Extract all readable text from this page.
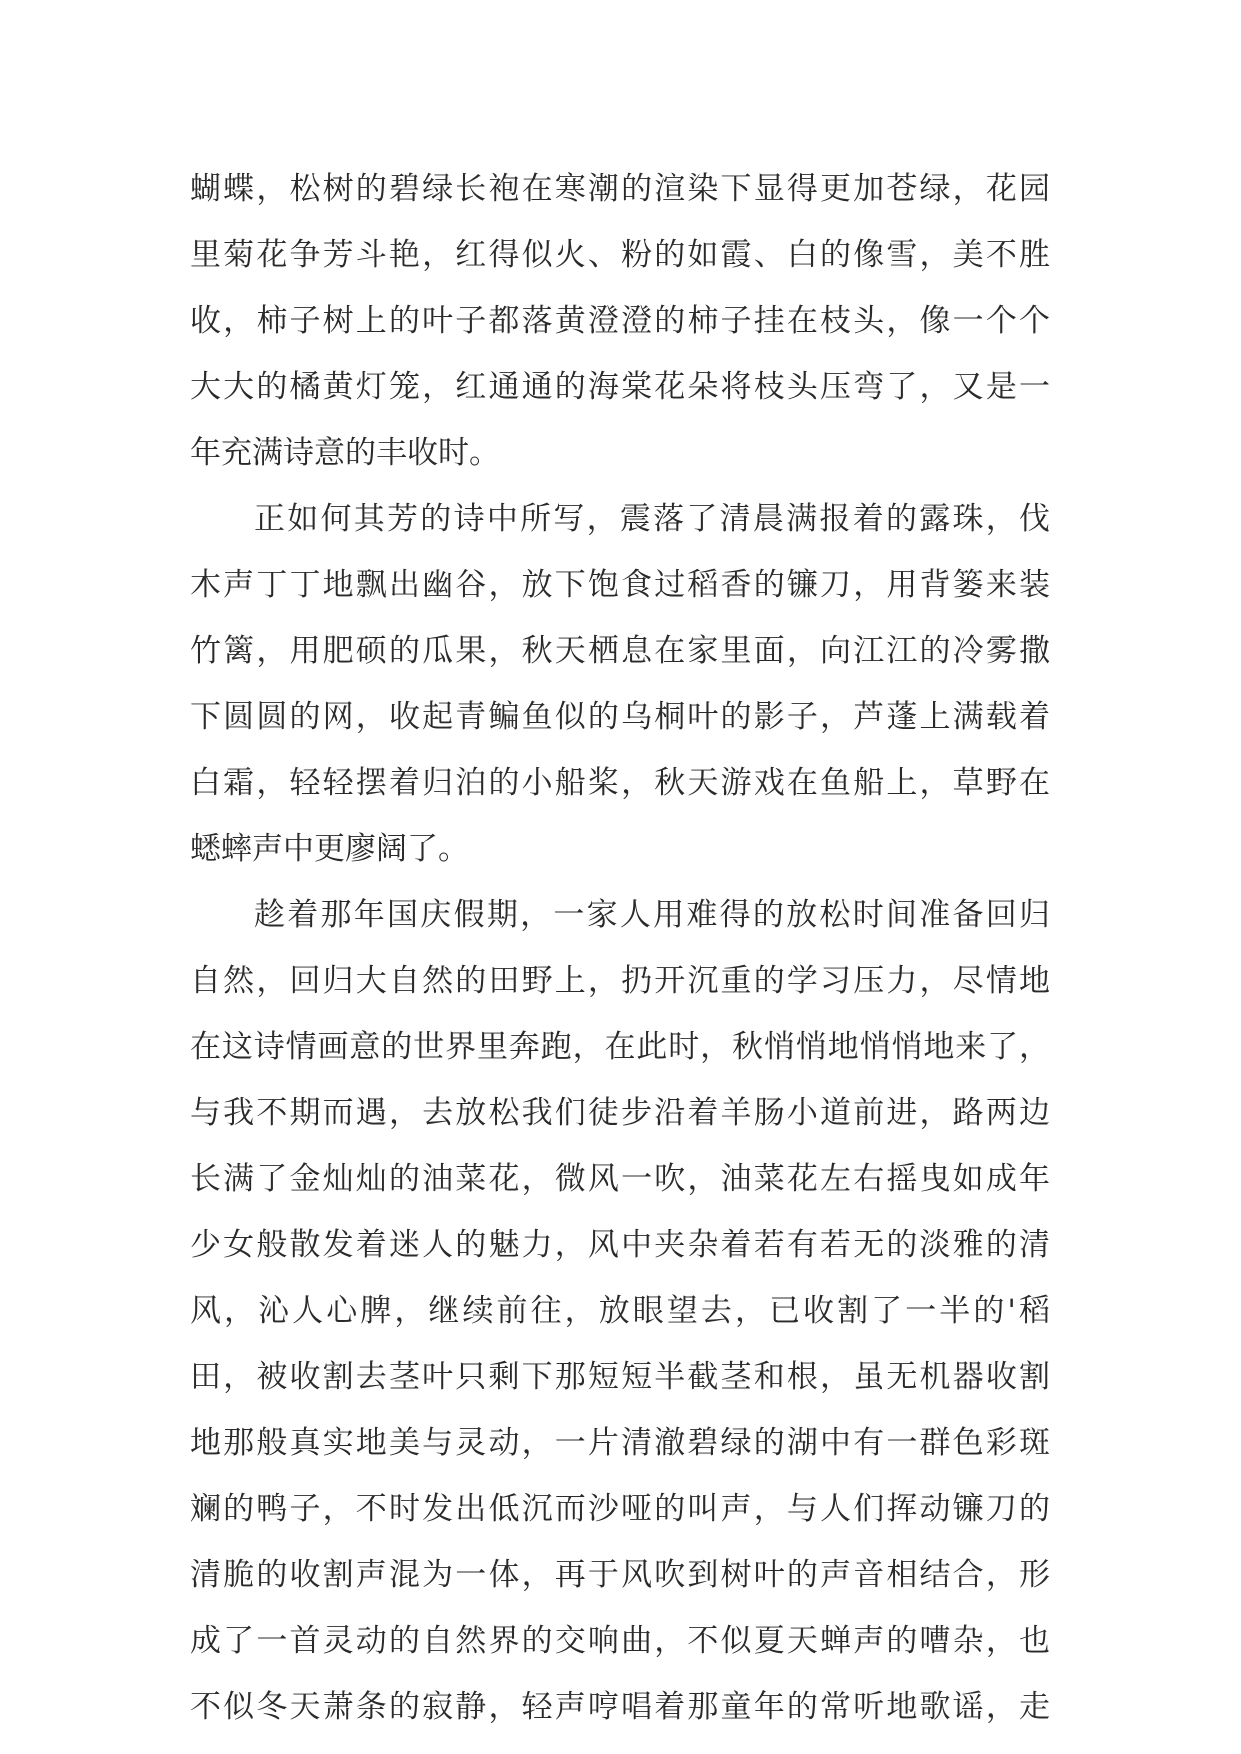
蝴蝶，松树的碧绿长袍在寒潮的渲染下显得更加苍绿，花园
里菊花争芳斗艳，红得似火、粉的如霞、白的像雪，美不胜
收，柿子树上的叶子都落黄澄澄的柿子挂在枝头，像一个个
大大的橘黄灯笼，红通通的海棠花朵将枝头压弯了，又是一
年充满诗意的丰收时。
正如何其芳的诗中所写，震落了清晨满报着的露珠，伐
木声丁丁地飘出幽谷，放下饱食过稻香的镰刀，用背篓来装
竹篱，用肥硕的瓜果，秋天栖息在家里面，向江江的冷雾撒
下圆圆的网，收起青鳊鱼似的乌桐叶的影子，芦蓬上满载着
白霜，轻轻摆着归泊的小船桨，秋天游戏在鱼船上，草野在
蟋蟀声中更廖阔了。
趁着那年国庆假期，一家人用难得的放松时间准备回归
自然，回归大自然的田野上，扔开沉重的学习压力，尽情地
在这诗情画意的世界里奔跑，在此时，秋悄悄地悄悄地来了，
与我不期而遇，去放松我们徒步沿着羊肠小道前进，路两边
长满了金灿灿的油菜花，微风一吹，油菜花左右摇曳如成年
少女般散发着迷人的魅力，风中夹杂着若有若无的淡雅的清
风，沁人心脾，继续前往，放眼望去，已收割了一半的'稻
田，被收割去茎叶只剩下那短短半截茎和根，虽无机器收割
地那般真实地美与灵动，一片清澈碧绿的湖中有一群色彩斑
斓的鸭子，不时发出低沉而沙哑的叫声，与人们挥动镰刀的
清脆的收割声混为一体，再于风吹到树叶的声音相结合，形
成了一首灵动的自然界的交响曲，不似夏天蝉声的嘈杂，也
不似冬天萧条的寂静，轻声哼唱着那童年的常听地歌谣，走
